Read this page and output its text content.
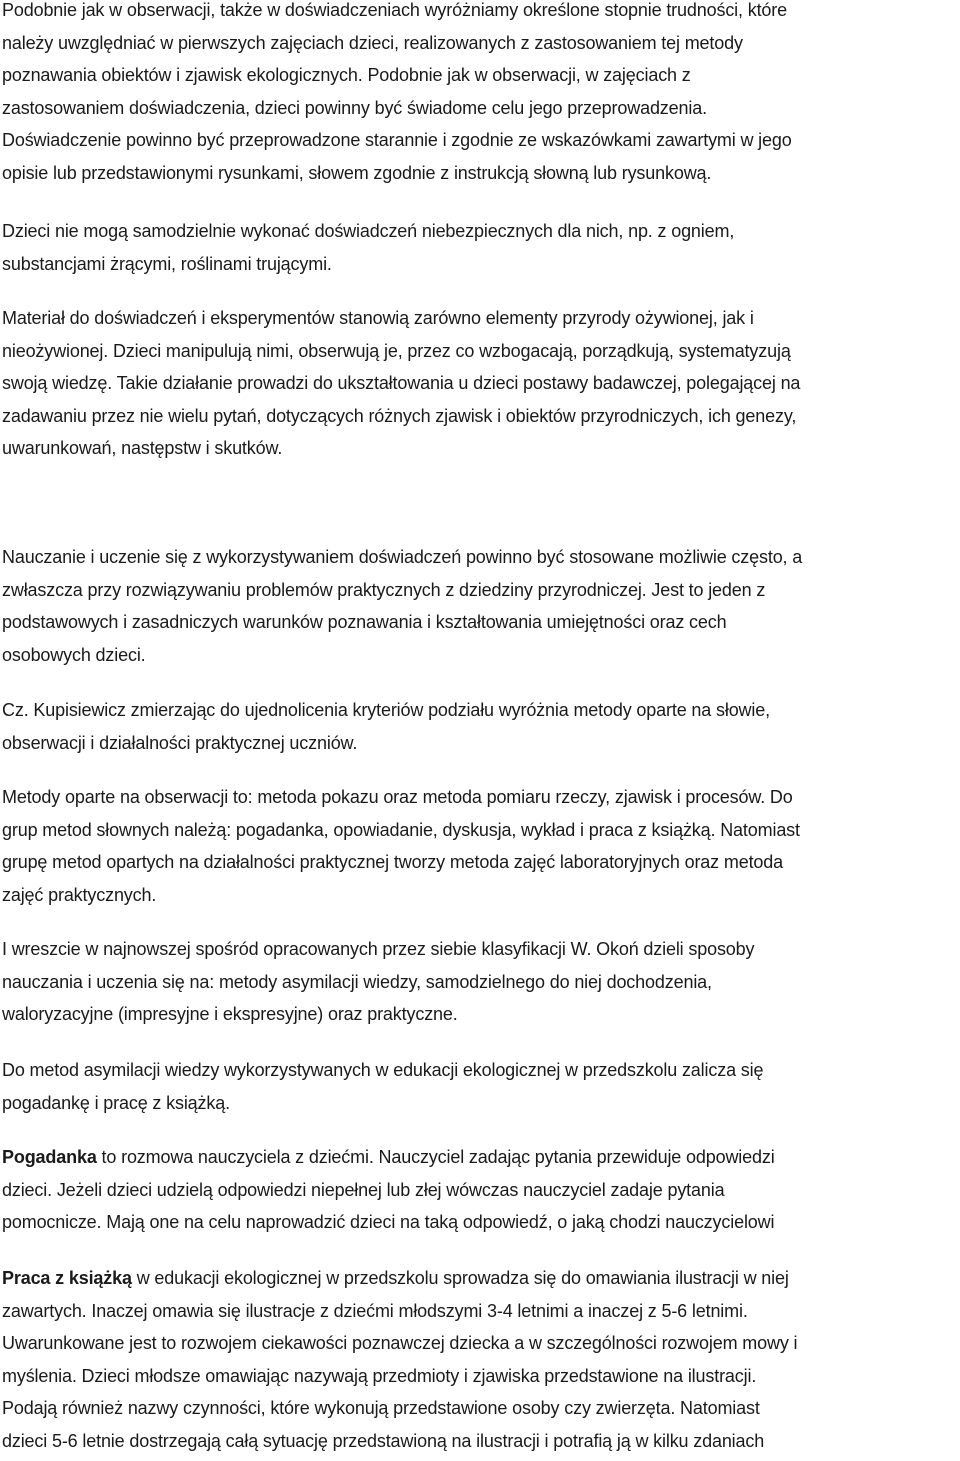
Podobnie jak w obserwacji, także w doświadczeniach wyróżniamy określone stopnie trudności, które
należy uwzględniać w pierwszych zajęciach dzieci, realizowanych z zastosowaniem tej metody
poznawania obiektów i zjawisk ekologicznych. Podobnie jak w obserwacji, w zajęciach z
zastosowaniem doświadczenia, dzieci powinny być świadome celu jego przeprowadzenia.
Doświadczenie powinno być przeprowadzone starannie i zgodnie ze wskazówkami zawartymi w jego
opisie lub przedstawionymi rysunkami, słowem zgodnie z instrukcją słowną lub rysunkową.

Dzieci nie mogą samodzielnie wykonać doświadczeń niebezpiecznych dla nich, np. z ogniem,
substancjami żrącymi, roślinami trującymi.

Materiał do doświadczeń i eksperymentów stanowią zarówno elementy przyrody ożywionej, jak i
nieożywionej. Dzieci manipulują nimi, obserwują je, przez co wzbogacają, porządkują, systematyzują
swoją wiedzę. Takie działanie prowadzi do ukształtowania u dzieci postawy badawczej, polegającej na
zadawaniu przez nie wielu pytań, dotyczących różnych zjawisk i obiektów przyrodniczych, ich genezy,
uwarunkowań, następstw i skutków.

Nauczanie i uczenie się z wykorzystywaniem doświadczeń powinno być stosowane możliwie często, a
zwłaszcza przy rozwiązywaniu problemów praktycznych z dziedziny przyrodniczej. Jest to jeden z
podstawowych i zasadniczych warunków poznawania i kształtowania umiejętności oraz cech
osobowych dzieci.

Cz. Kupisiewicz zmierzając do ujednolicenia kryteriów podziału wyróżnia metody oparte na słowie,
obserwacji i działalności praktycznej uczniów.

Metody oparte na obserwacji to: metoda pokazu oraz metoda pomiaru rzeczy, zjawisk i procesów. Do
grup metod słownych należą: pogadanka, opowiadanie, dyskusja, wykład i praca z książką. Natomiast
grupę metod opartych na działalności praktycznej tworzy metoda zajęć laboratoryjnych oraz metoda
zajęć praktycznych.

I wreszcie w najnowszej spośród opracowanych przez siebie klasyfikacji W. Okoń dzieli sposoby
nauczania i uczenia się na: metody asymilacji wiedzy, samodzielnego do niej dochodzenia,
waloryzacyjne (impresyjne i ekspresyjne) oraz praktyczne.

Do metod asymilacji wiedzy wykorzystywanych w edukacji ekologicznej w przedszkolu zalicza się
pogadankę i pracę z książką.

Pogadanka to rozmowa nauczyciela z dziećmi. Nauczyciel zadając pytania przewiduje odpowiedzi
dzieci. Jeżeli dzieci udzielą odpowiedzi niepełnej lub złej wówczas nauczyciel zadaje pytania
pomocnicze. Mają one na celu naprowadzić dzieci na taką odpowiedź, o jaką chodzi nauczycielowi

Praca z książką w edukacji ekologicznej w przedszkolu sprowadza się do omawiania ilustracji w niej
zawartych. Inaczej omawia się ilustracje z dziećmi młodszymi 3-4 letnimi a inaczej z 5-6 letnimi.
Uwarunkowane jest to rozwojem ciekawości poznawczej dziecka a w szczególności rozwojem mowy i
myślenia. Dzieci młodsze omawiając nazywają przedmioty i zjawiska przedstawione na ilustracji.
Podają również nazwy czynności, które wykonują przedstawione osoby czy zwierzęta. Natomiast
dzieci 5-6 letnie dostrzegają całą sytuację przedstawioną na ilustracji i potrafią ją w kilku zdaniach
